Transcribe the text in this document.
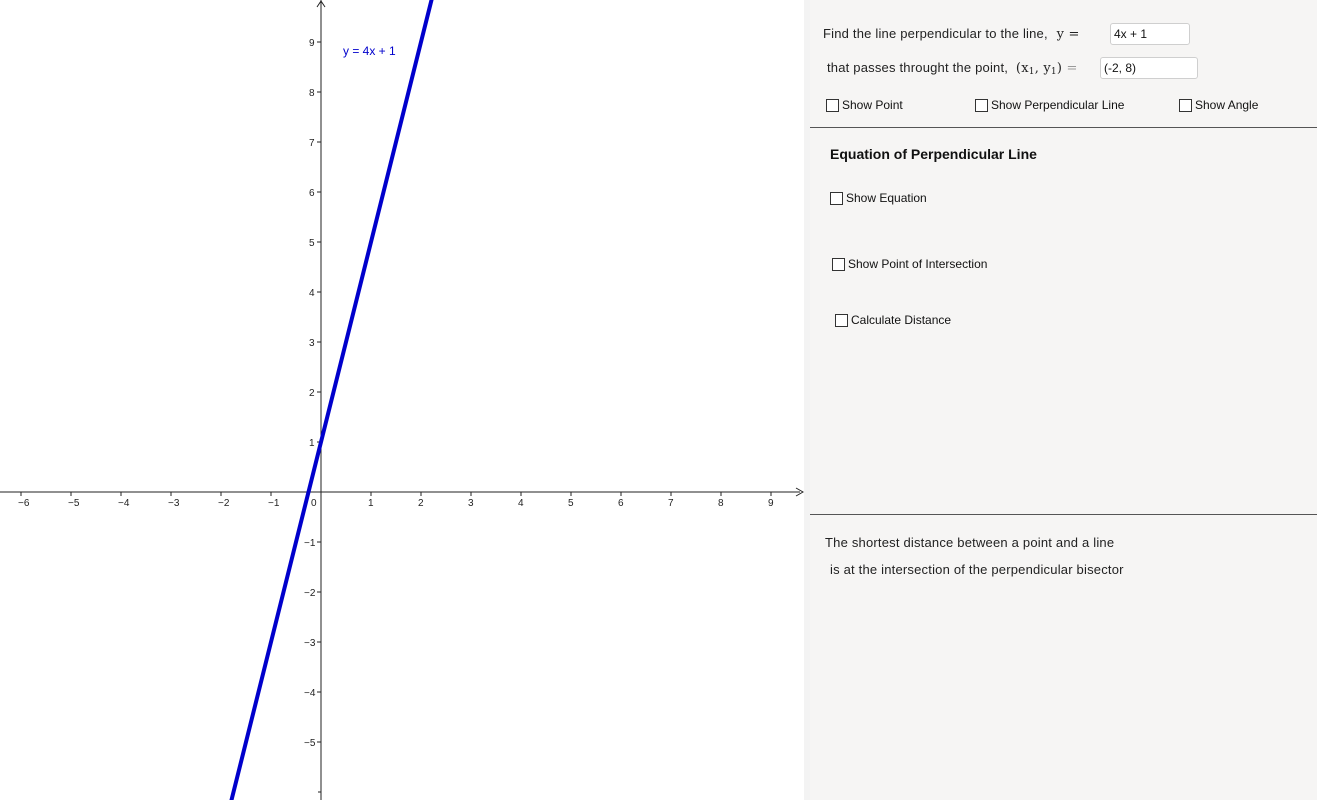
−6	−5	−4	−3	−2	−1	0	1	2	3	4	5	6	7	8	9
1
2
3
4
5
6
7
8
9
−1
−2
−3
−4
−5
y = 4x + 1
Find the line perpendicular to the line, y =	4x + 1
that passes throught the point, ($x_1$, $y_1$) =	(-2, 8)
Show Point	Show Perpendicular Line	Show Angle
Equation of Perpendicular Line
Show Equation
Show Point of Intersection
Calculate Distance
The shortest distance between a point and a line
is at the intersection of the perpendicular bisector
